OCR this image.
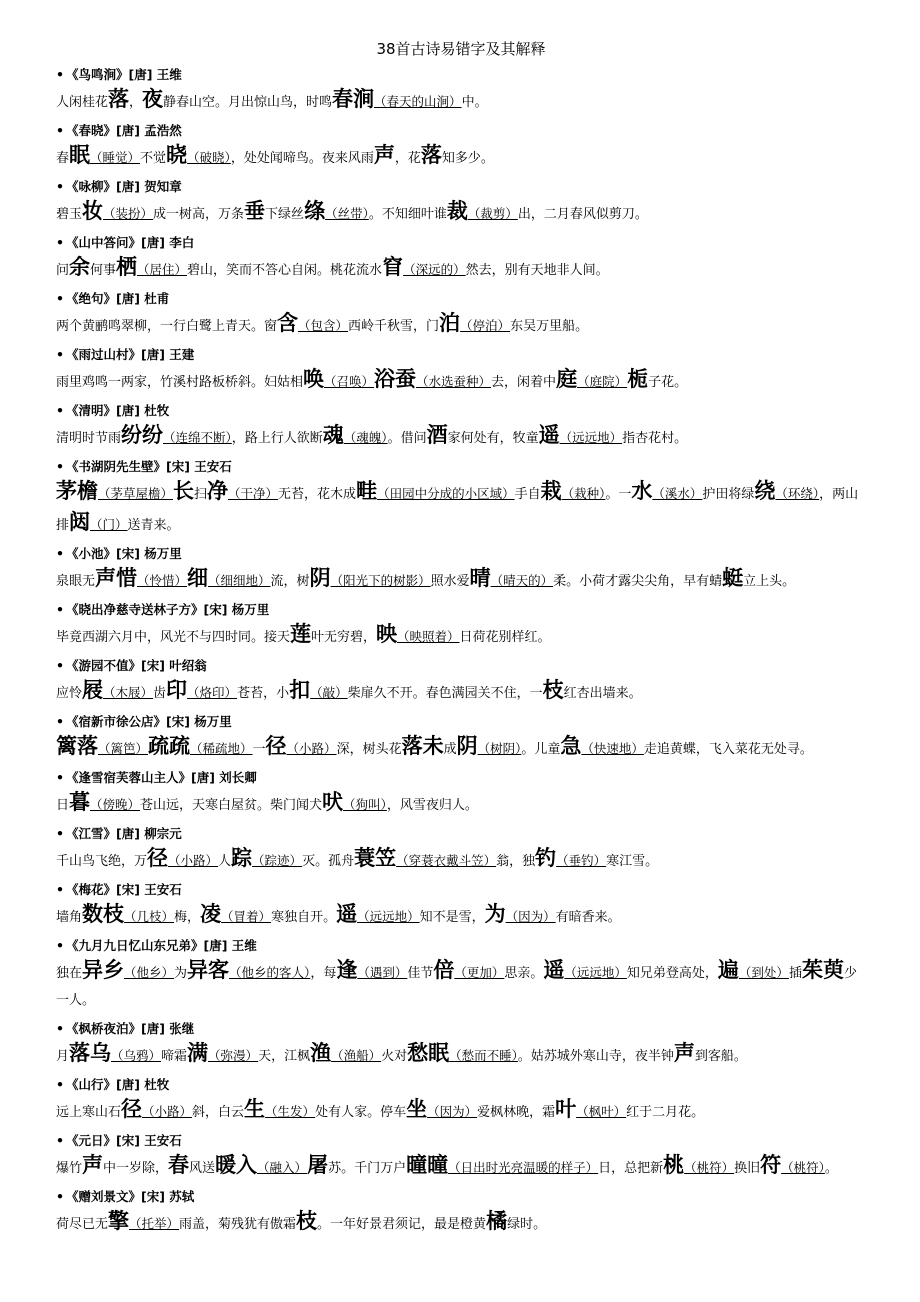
38首古诗易错字及其解释
• 《鸟鸣涧》[唐] 王维

人闲桂花落，夜静春山空。月出惊山鸟，时鸣春涧（春天的山涧）中。

• 《春晓》[唐] 孟浩然

春眠（睡觉）不觉晓（破晓），处处闻啼鸟。夜来风雨声，花落知多少。

• 《咏柳》[唐] 贺知章

碧玉妆（装扮）成一树高，万条垂下绿丝绦（丝带）。不知细叶谁裁（裁剪）出，二月春风似剪刀。

• 《山中答问》[唐] 李白

问余何事栖（居住）碧山，笑而不答心自闲。桃花流水窅（深远的）然去，别有天地非人间。

• 《绝句》[唐] 杜甫

两个黄鹂鸣翠柳，一行白鹭上青天。窗含（包含）西岭千秋雪，门泊（停泊）东吴万里船。

• 《雨过山村》[唐] 王建

雨里鸡鸣一两家，竹溪村路板桥斜。妇姑相唤（召唤）浴蚕（水选蚕种）去，闲着中庭（庭院）栀子花。

• 《清明》[唐] 杜牧

清明时节雨纷纷（连绵不断），路上行人欲断魂（魂魄）。借问酒家何处有，牧童遥（远远地）指杏花村。

• 《书湖阴先生壁》[宋] 王安石

茅檐（茅草屋檐）长扫净（干净）无苔，花木成畦（田园中分成的小区域）手自栽（栽种）。一水（溪水）护田将绿绕（环绕），两山排闼（门）送青来。

• 《小池》[宋] 杨万里

泉眼无声惜（怜惜）细（细细地）流，树阴（阳光下的树影）照水爱晴（晴天的）柔。小荷才露尖尖角，早有蜻蜓立上头。

• 《晓出净慈寺送林子方》[宋] 杨万里

毕竟西湖六月中，风光不与四时同。接天莲叶无穷碧，映（映照着）日荷花别样红。

• 《游园不值》[宋] 叶绍翁

应怜屐（木屐）齿印（烙印）苍苔，小扣（敲）柴扉久不开。春色满园关不住，一枝红杏出墙来。

• 《宿新市徐公店》[宋] 杨万里

篱落（篱笆）疏疏（稀疏地）一径（小路）深，树头花落未成阴（树阴）。儿童急（快速地）走追黄蝶，飞入菜花无处寻。

• 《逢雪宿芙蓉山主人》[唐] 刘长卿

日暮（傍晚）苍山远，天寒白屋贫。柴门闻犬吠（狗叫），风雪夜归人。

• 《江雪》[唐] 柳宗元

千山鸟飞绝，万径（小路）人踪（踪迹）灭。孤舟蓑笠（穿蓑衣戴斗笠）翁，独钓（垂钓）寒江雪。

• 《梅花》[宋] 王安石

墙角数枝（几枝）梅，凌（冒着）寒独自开。遥（远远地）知不是雪，为（因为）有暗香来。

• 《九月九日忆山东兄弟》[唐] 王维

独在异乡（他乡）为异客（他乡的客人），每逢（遇到）佳节倍（更加）思亲。遥（远远地）知兄弟登高处，遍（到处）插茱萸少一人。

• 《枫桥夜泊》[唐] 张继

月落乌（乌鸦）啼霜满（弥漫）天，江枫渔（渔船）火对愁眠（愁而不睡）。姑苏城外寒山寺，夜半钟声到客船。

• 《山行》[唐] 杜牧

远上寒山石径（小路）斜，白云生（生发）处有人家。停车坐（因为）爱枫林晚，霜叶（枫叶）红于二月花。

• 《元日》[宋] 王安石

爆竹声中一岁除，春风送暖入（融入）屠苏。千门万户曈曈（日出时光亮温暖的样子）日，总把新桃（桃符）换旧符（桃符）。

• 《赠刘景文》[宋] 苏轼

荷尽已无擎（托举）雨盖，菊残犹有傲霜枝。一年好景君须记，最是橙黄橘绿时。
